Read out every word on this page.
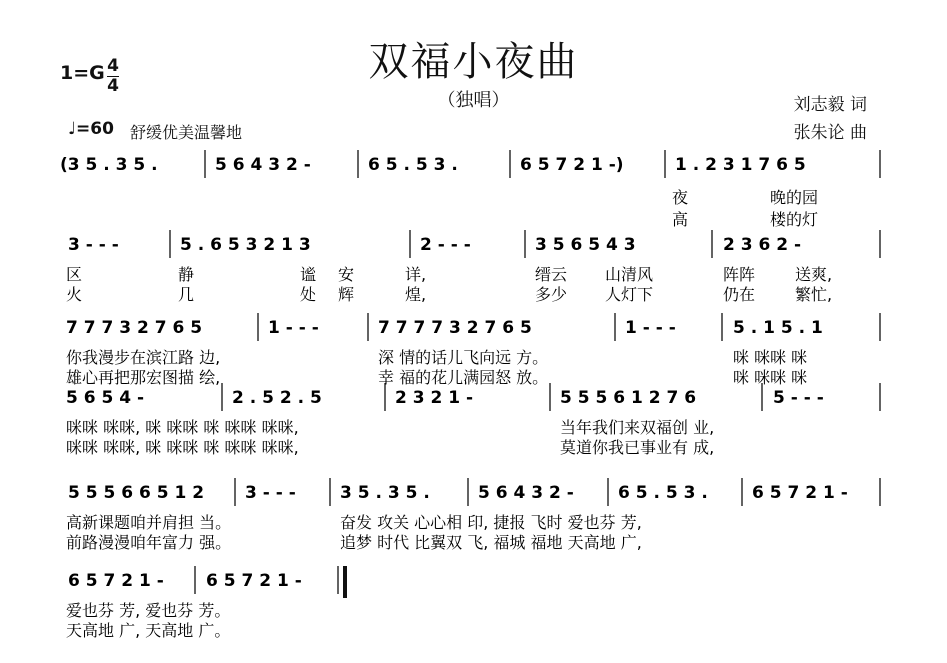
双福小夜曲
（独唱）
1=G 4
4
♩=60 舒缓优美温馨地
刘志毅 词
张朱论 曲
(3 5 . 3 5 .	5 6 4 3 2 -	6 5 . 5 3 .	6 5 7 2 1 -)	1 . 2 3 1 7 6 5
夜	晚的园
高	楼的灯
3 - - -	5 . 6 5 3 2 1 3	2 - - -	3 5 6 5 4 3	2 3 6 2 -
区	静	谧 安	详,	缙云 山清风	阵阵 送爽,
火	几	处 辉	煌,	多少 人灯下	仍在 繁忙,
7 7 7 3 2 7 6 5	1 - - -	7 7 7 7 3 2 7 6 5	1 - - -	5 . 1 5 . 1
你我漫步在滨江路 边,	深 情的话儿飞向远 方。	咪 咪咪 咪
雄心再把那宏图描 绘,	幸 福的花儿满园怒 放。	咪 咪咪 咪
5 6 5 4 -	2 . 5 2 . 5	2 3 2 1 -	5 5 5 6 1 2 7 6	5 - - -
咪咪 咪咪, 咪 咪咪 咪 咪咪 咪咪,	当年我们来双福创 业,
咪咪 咪咪, 咪 咪咪 咪 咪咪 咪咪,	莫道你我已事业有 成,
5 5 5 6 6 5 1 2 3 - - -	3 5 . 3 5 .	5 6 4 3 2 -	6 5 . 5 3 .	6 5 7 2 1 -
高新课题咱并肩担 当。	奋发 攻关 心心相 印, 捷报 飞时 爱也芬 芳,
前路漫漫咱年富力 强。	追梦 时代 比翼双 飞, 福城 福地 天高地 广,
6 5 7 2 1 - 6 5 7 2 1 -
爱也芬 芳, 爱也芬 芳。
天高地 广, 天高地 广。
